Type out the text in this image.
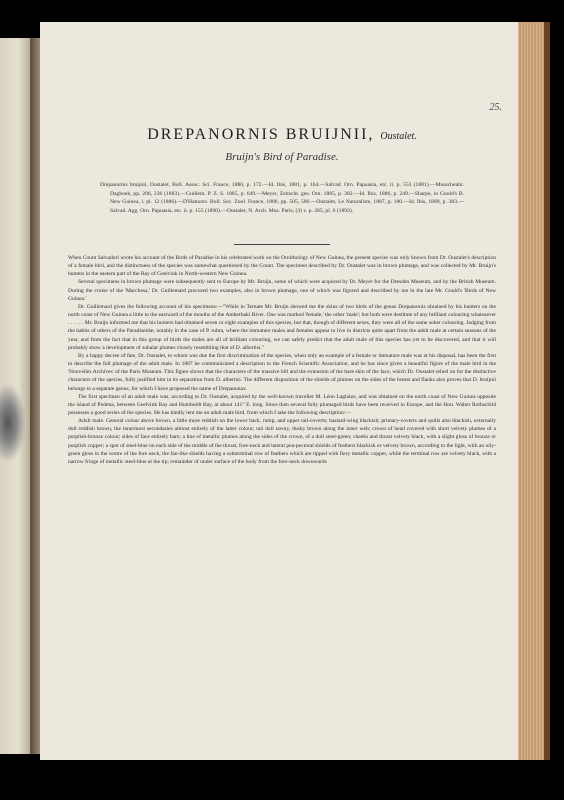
25.
DREPANORNIS BRUIJNII, Oustalet.
Bruijn's Bird of Paradise.
Drepanornis bruijnii, Oustalet, Bull. Assoc. Sci. France, 1880, p. 172.—Id. Ibis, 1881, p. 164.—Salvad. Orn. Papuasia, etc. ii. p. 553 (1881).—Musschenbr. Dagboek, pp. 206, 236 (1883).—Guillem. P. Z. S. 1885, p. 649.—Meyer, Zeitschr. ges. Orn. 1885, p. 382.—Id. Ibis, 1886, p. 249.—Sharpe, in Gould's B. New Guinea, i. pl. 12 (1886).—D'Hamonv. Bull. Soc. Zool. France, 1886, pp. 505, 506.—Oustalet, Le Naturaliste, 1887, p. 180.—Id. Ibis, 1889, p. 383.—Salvad. Agg. Orn. Papuasia, etc. ii. p. 155 (1890).—Oustalet, N. Arch. Mus. Paris, (3) v. p. 285, pl. 6 (1893).

When Count Salvadori wrote his account of the Birds of Paradise in his celebrated work on the Ornithology of New Guinea, the present species was only known from Dr. Oustalet's description of a female bird, and the distinctness of the species was somewhat questioned by the Count. The specimen described by Dr. Oustalet was in brown plumage, and was collected by Mr. Bruijn's hunters in the eastern part of the Bay of Geelvink in North-western New Guinea.

Several specimens in brown plumage were subsequently sent to Europe by Mr. Bruijn, some of which were acquired by Dr. Meyer for the Dresden Museum, and by the British Museum. During the cruise of the 'Marchesa,' Dr. Guillemard procured two examples, also in brown plumage, one of which was figured and described by me in the late Mr. Gould's 'Birds of New Guinea.'

Dr. Guillemard gives the following account of his specimens:—"While in Ternate Mr. Bruijn showed me the skins of two birds of the genus Drepanornis obtained by his hunters on the north coast of New Guinea a little to the eastward of the mouths of the Amberbaki River. One was marked 'female,' the other 'male'; but both were destitute of any brilliant colouring whatsoever . . . . . . Mr. Bruijn informed me that his hunters had obtained seven or eight examples of this species, but that, though of different sexes, they were all of the same sober colouring. Judging from the habits of others of the Paradiseidæ, notably in the case of P. rubra, where the immature males and females appear to live in districts quite apart from the adult male at certain seasons of the year, and from the fact that in this group of birds the males are all of brilliant colouring, we can safely predict that the adult male of this species has yet to be discovered, and that it will probably show a development of subalar plumes closely resembling that of D. albertisi."

By a happy decree of fate, Dr. Oustalet, to whom was due the first discrimination of the species, when only an example of a female or immature male was at his disposal, has been the first to describe the full plumage of the adult male. In 1887 he communicated a description to the French Scientific Association, and he has since given a beautiful figure of the male bird in the 'Nouvelles Archives' of the Paris Museum. This figure shows that the characters of the massive bill and the extension of the bare skin of the face, which Dr. Oustalet relied on for the distinctive characters of the species, fully justified him in its separation from D. albertisi. The different disposition of the shields of plumes on the sides of the breast and flanks also proves that D. bruijnii belongs to a separate genus, for which I have proposed the name of Drepanonax.

The first specimen of an adult male was, according to Dr. Oustalet, acquired by the well-known traveller M. Léon Laglaize, and was obtained on the north coast of New Guinea opposite the island of Podena, between Geelvink Bay and Humboldt Bay, at about 141° E. long. Since then several fully plumaged birds have been received in Europe, and the Hon. Walter Rothschild possesses a good series of the species. He has kindly lent me an adult male bird, from which I take the following description:—

Adult male. General colour above brown, a little more reddish on the lower back, rump, and upper tail-coverts; bastard-wing blackish; primary-coverts and quills also blackish, externally dull reddish brown, the innermost secondaries almost entirely of the latter colour; tail dull tawny, dusky brown along the inner web; crown of head covered with short velvety plumes of a purplish-bronze colour; sides of face entirely bare; a line of metallic plumes along the sides of the crown, of a dull steel-green; cheeks and throat velvety black, with a slight gloss of bronze or purplish copper; a spot of steel-blue on each side of the middle of the throat; fore-neck and lateral pea-pectoral shields of feathers blackish or velvety brown, according to the light, with an oily-green gloss in the centre of the fore neck, the fan-like shields having a subterminal row of feathers which are tipped with fiery metallic copper, while the terminal row are velvety black, with a narrow fringe of metallic steel-blue at the tip; remainder of under surface of the body from the fore-neck downwards
